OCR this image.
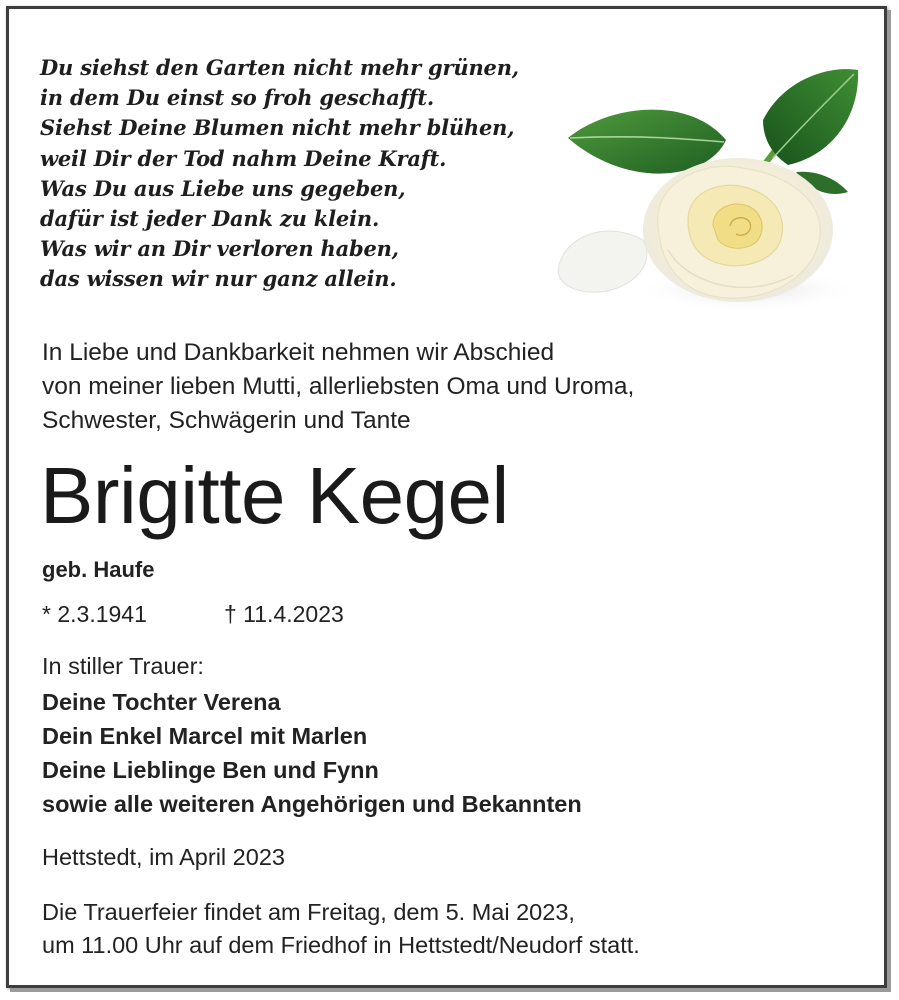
Du siehst den Garten nicht mehr grünen,
in dem Du einst so froh geschafft.
Siehst Deine Blumen nicht mehr blühen,
weil Dir der Tod nahm Deine Kraft.
Was Du aus Liebe uns gegeben,
dafür ist jeder Dank zu klein.
Was wir an Dir verloren haben,
das wissen wir nur ganz allein.
In Liebe und Dankbarkeit nehmen wir Abschied
von meiner lieben Mutti, allerliebsten Oma und Uroma,
Schwester, Schwägerin und Tante
Brigitte Kegel
geb. Haufe
* 2.3.1941	† 11.4.2023
In stiller Trauer:
Deine Tochter Verena
Dein Enkel Marcel mit Marlen
Deine Lieblinge Ben und Fynn
sowie alle weiteren Angehörigen und Bekannten
Hettstedt, im April 2023
Die Trauerfeier findet am Freitag, dem 5. Mai 2023,
um 11.00 Uhr auf dem Friedhof in Hettstedt/Neudorf statt.
